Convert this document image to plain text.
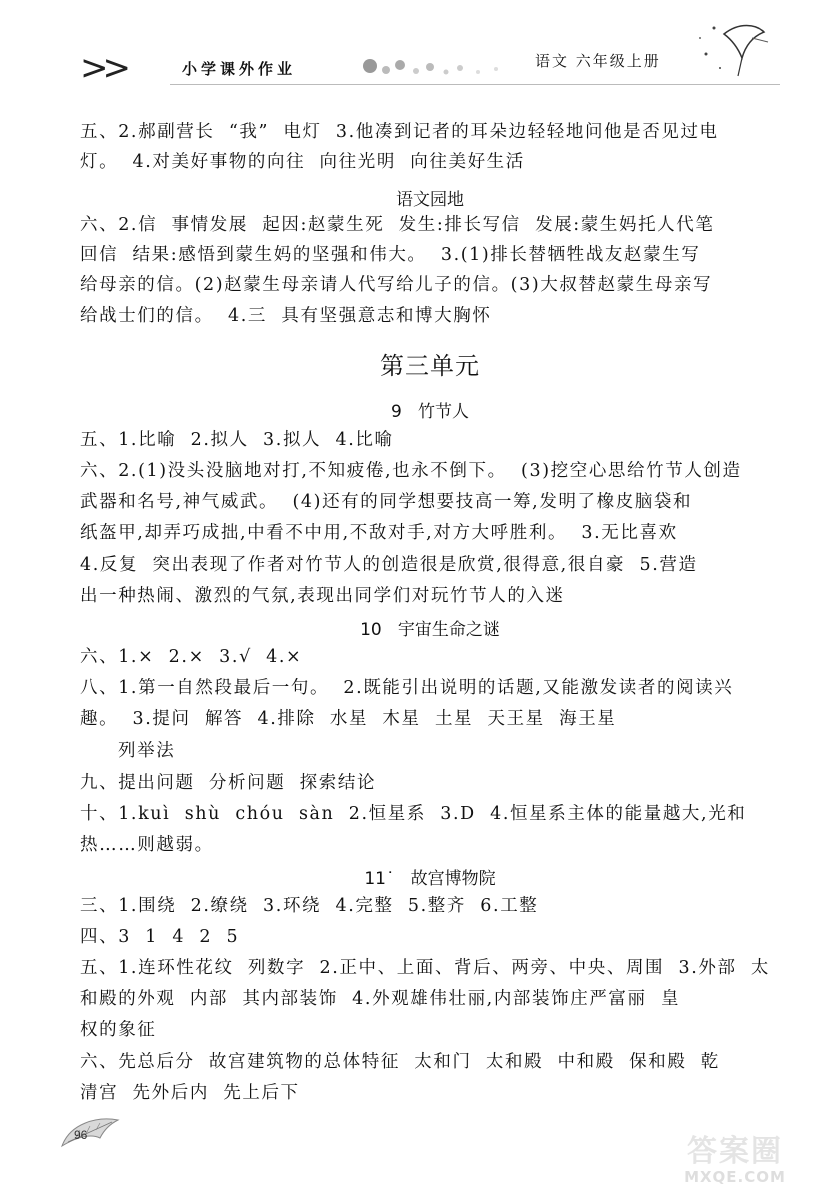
>>	小学课外作业	语文 六年级上册
五、2.郝副营长  “我”  电灯  3.他凑到记者的耳朵边轻轻地问他是否见过电
灯。  4.对美好事物的向往  向往光明  向往美好生活
语文园地
六、2.信  事情发展  起因:赵蒙生死  发生:排长写信  发展:蒙生妈托人代笔
回信  结果:感悟到蒙生妈的坚强和伟大。  3.(1)排长替牺牲战友赵蒙生写
给母亲的信。(2)赵蒙生母亲请人代写给儿子的信。(3)大叔替赵蒙生母亲写
给战士们的信。  4.三  具有坚强意志和博大胸怀
第三单元
9   竹节人
五、1.比喻  2.拟人  3.拟人  4.比喻
六、2.(1)没头没脑地对打,不知疲倦,也永不倒下。  (3)挖空心思给竹节人创造
武器和名号,神气威武。  (4)还有的同学想要技高一筹,发明了橡皮脑袋和
纸盔甲,却弄巧成拙,中看不中用,不敌对手,对方大呼胜利。  3.无比喜欢
4.反复  突出表现了作者对竹节人的创造很是欣赏,很得意,很自豪  5.营造
出一种热闹、激烈的气氛,表现出同学们对玩竹节人的入迷
10   宇宙生命之谜
六、1.×  2.×  3.√  4.×
八、1.第一自然段最后一句。  2.既能引出说明的话题,又能激发读者的阅读兴
趣。  3.提问  解答  4.排除  水星  木星  土星  天王星  海王星
列举法
九、提出问题  分析问题  探索结论
十、1.kuì  shù  chóu  sàn  2.恒星系  3.D  4.恒星系主体的能量越大,光和
热……则越弱。
11˙   故宫博物院
三、1.围绕  2.缭绕  3.环绕  4.完整  5.整齐  6.工整
四、3  1  4  2  5
五、1.连环性花纹  列数字  2.正中、上面、背后、两旁、中央、周围  3.外部  太
和殿的外观  内部  其内部装饰  4.外观雄伟壮丽,内部装饰庄严富丽  皇
权的象征
六、先总后分  故宫建筑物的总体特征  太和门  太和殿  中和殿  保和殿  乾
清宫  先外后内  先上后下
96	答案圈
MXQE.COM
